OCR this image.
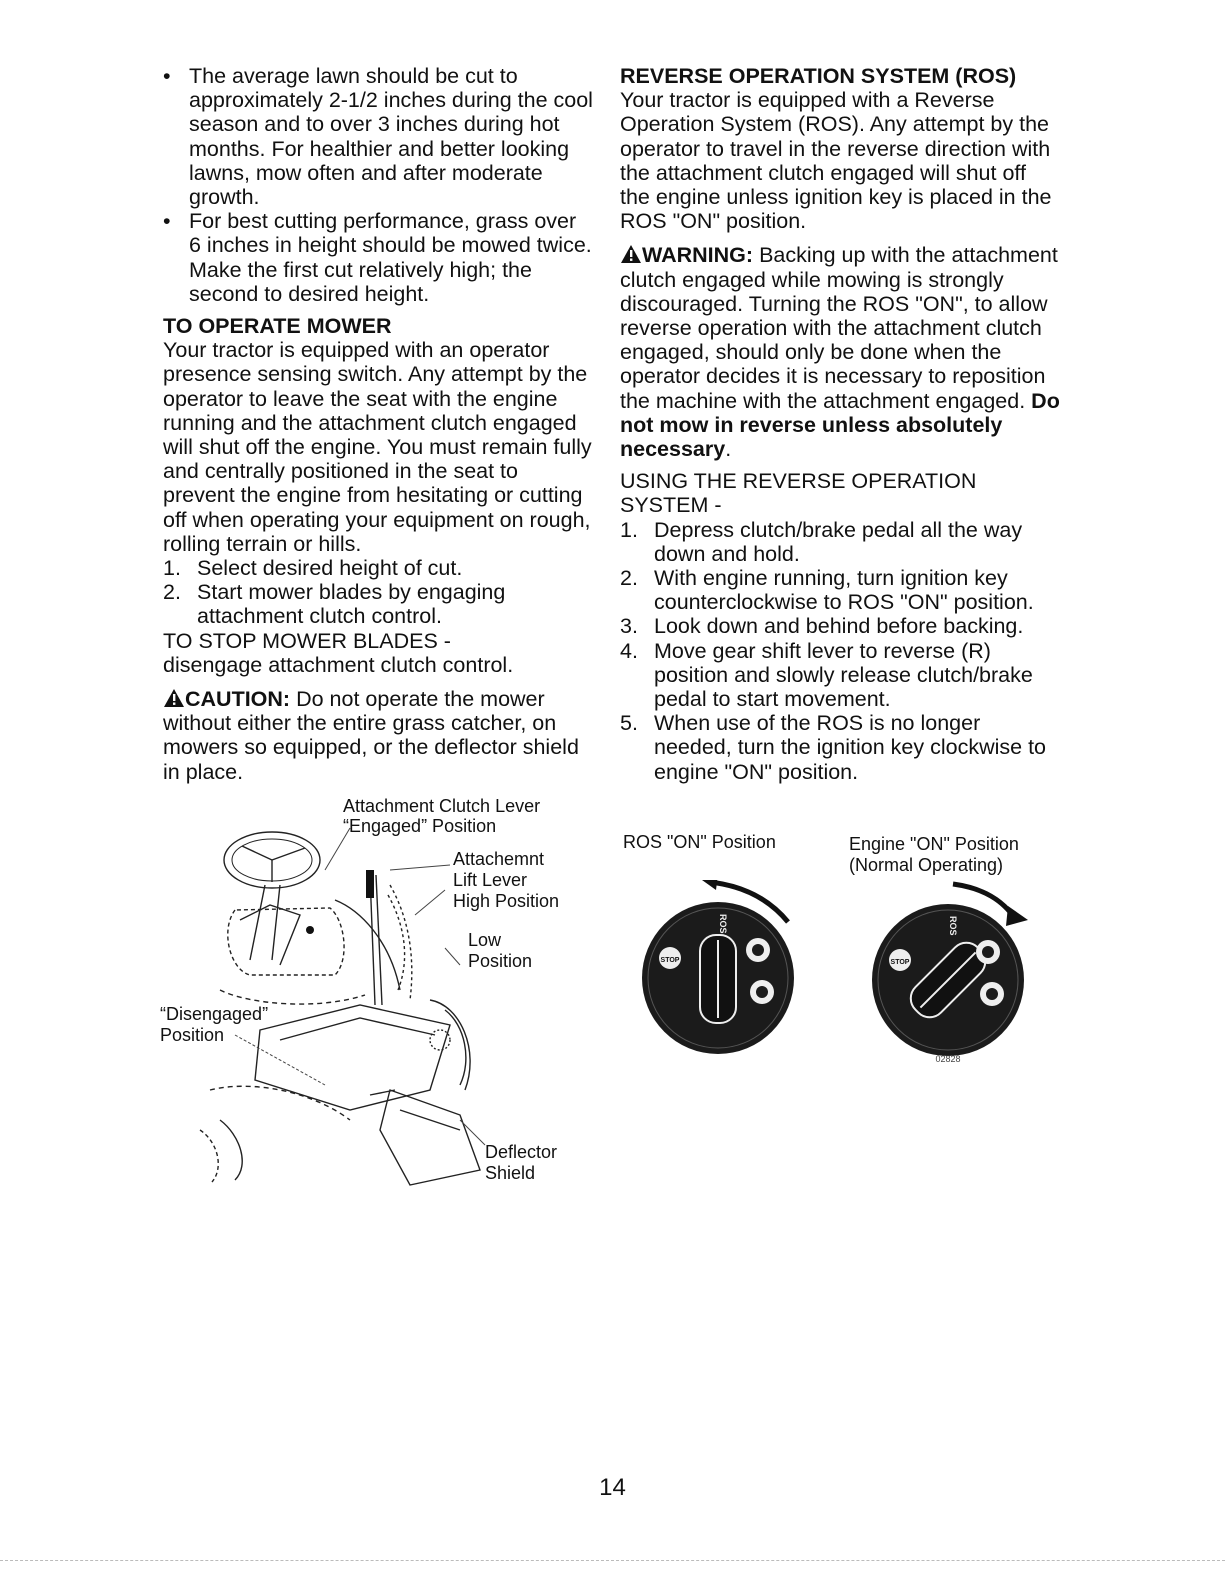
• The average lawn should be cut to approximately 2-1/2 inches during the cool season and to over 3 inches during hot months. For healthier and better looking lawns, mow often and after moderate growth.

• For best cutting performance, grass over 6 inches in height should be mowed twice. Make the first cut relatively high; the second to desired height.

TO OPERATE MOWER

Your tractor is equipped with an operator presence sensing switch. Any attempt by the operator to leave the seat with the engine running and the attachment clutch engaged will shut off the engine. You must remain fully and centrally positioned in the seat to prevent the engine from hesitating or cutting off when operating your equipment on rough, rolling terrain or hills.

1. Select desired height of cut.

2. Start mower blades by engaging attachment clutch control.

TO STOP MOWER BLADES -

disengage attachment clutch control.

CAUTION: Do not operate the mower without either the entire grass catcher, on mowers so equipped, or the deflector shield in place.

Attachment Clutch Lever
“Engaged” Position
Attachemnt
Lift Lever
High Position
Low
Position
“Disengaged”
Position
Deflector
Shield

REVERSE OPERATION SYSTEM (ROS)

Your tractor is equipped with a Reverse Operation System (ROS). Any attempt by the operator to travel in the reverse direction with the attachment clutch engaged will shut off the engine unless ignition key is placed in the ROS "ON" position.

WARNING: Backing up with the attachment clutch engaged while mowing is strongly discouraged. Turning the ROS "ON", to allow reverse operation with the attachment clutch engaged, should only be done when the operator decides it is necessary to reposition the machine with the attachment engaged. Do not mow in reverse unless absolutely necessary.

USING THE REVERSE OPERATION SYSTEM -

1. Depress clutch/brake pedal all the way down and hold.

2. With engine running, turn ignition key counterclockwise to ROS "ON" position.

3. Look down and behind before backing.

4. Move gear shift lever to reverse (R) position and slowly release clutch/brake pedal to start movement.

5. When use of the ROS is no longer needed, turn the ignition key clockwise to engine "ON" position.

ROS "ON" Position	Engine "ON" Position
(Normal Operating)
STOP
ROS
STOP
ROS
02828
14
